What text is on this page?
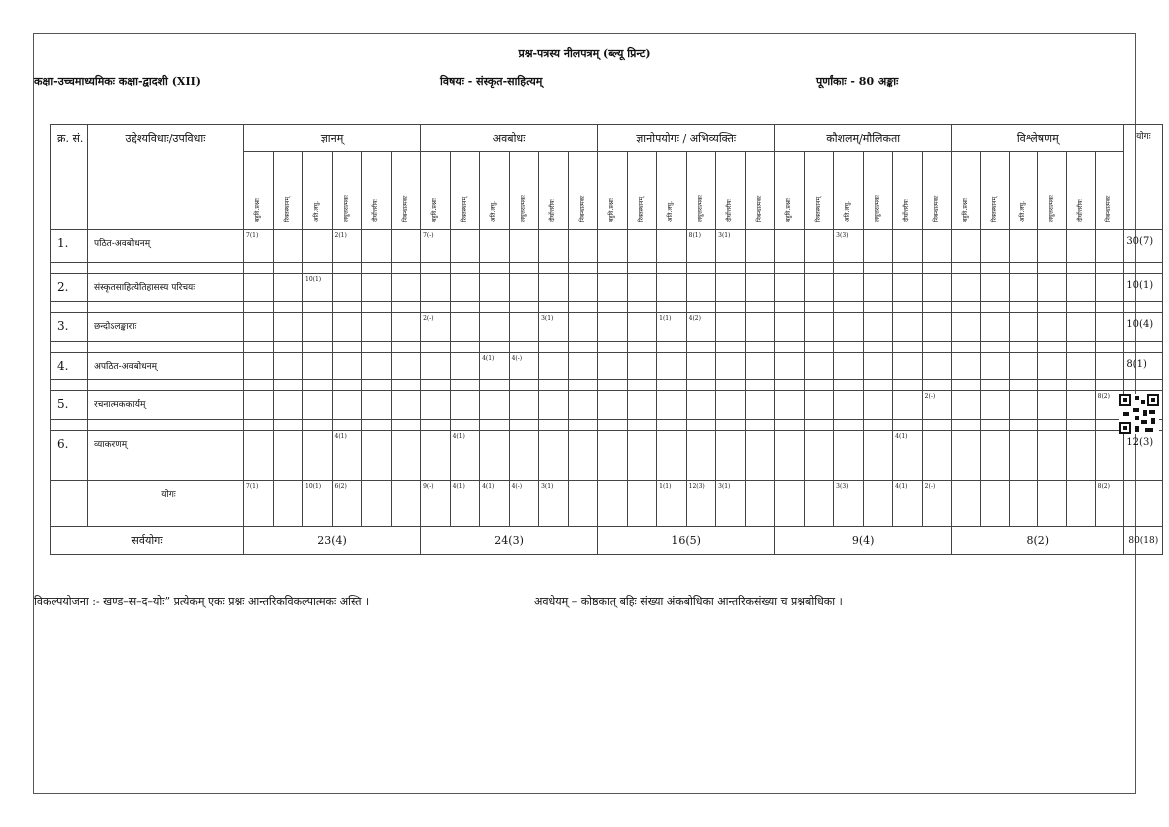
प्रश्न-पत्रस्य नीलपत्रम् (ब्ल्यू प्रिन्ट)
कक्षा-उच्चमाध्यमिकः कक्षा-द्वादशी (XII)	विषयः - संस्कृत-साहित्यम्	पूर्णांकाः - 80 अङ्काः
क्र. सं.	उद्देश्यविधाः/उपविधाः	ज्ञानम्						अवबोधः						ज्ञानोपयोगः / अभिव्यक्तिः						कौशलम्/मौलिकता						विश्लेषणम्						योगः

		बहुवि.प्रश्नाः	रिक्तस्थानम्	अति.लघु.	लघुत्तरात्मकः	दीर्घोत्तरीयः	निबन्धात्मकः	बहुवि.प्रश्नाः	रिक्तस्थानम्	अति.लघु.	लघुत्तरात्मकः	दीर्घोत्तरीयः	निबन्धात्मकः	बहुवि.प्रश्नाः	रिक्तस्थानम्	अति.लघु.	लघुत्तरात्मकः	दीर्घोत्तरीयः	निबन्धात्मकः	बहुवि.प्रश्नाः	रिक्तस्थानम्	अति.लघु.	लघुत्तरात्मकः	दीर्घोत्तरीयः	निबन्धात्मकः	बहुवि.प्रश्नाः	रिक्तस्थानम्	अति.लघु.	लघुत्तरात्मकः	दीर्घोत्तरीयः	निबन्धात्मकः	

1.	पठित-अवबोधनम्	7(1)			2(1)			7(-)									8(1)	3(1)				3(3)										30(7)

2.	संस्कृतसाहित्येतिहासस्य परिचयः			10(1)																												10(1)

3.	छन्दोऽलङ्काराः							2(-)				3(1)				1(1)	4(2)															10(4)

4.	अपठित-अवबोधनम्									4(1)	4(-)																					8(1)

5.	रचनात्मककार्यम्																								2(-)						8(2)	

6.	व्याकरणम्				4(1)				4(1)															4(1)								12(3)
	योगः	7(1)		10(1)	6(2)			9(-)	4(1)	4(1)	4(-)	3(1)				1(1)	12(3)	3(1)				3(3)		4(1)	2(-)						8(2)	
सर्वयोगः		23(4)						24(3)						16(5)						9(4)						8(2)						80(18)
विकल्पयोजना :- खण्ड–स–द–योः” प्रत्येकम् एकः प्रश्नः आन्तरिकविकल्पात्मकः अस्ति ।	अवधेयम् – कोष्ठकात् बहिः संख्या अंकबोधिका आन्तरिकसंख्या च प्रश्नबोधिका ।
